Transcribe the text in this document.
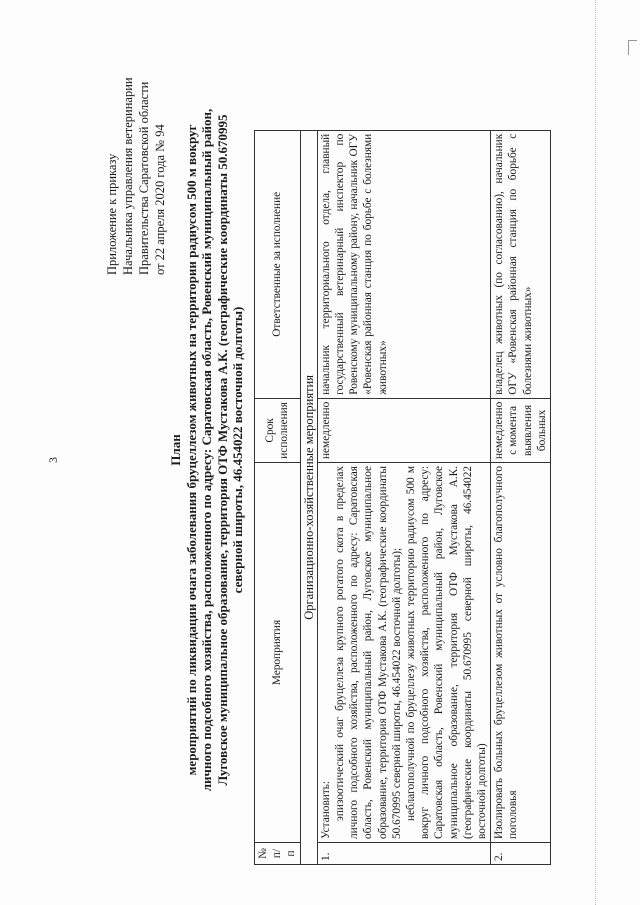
3
Приложение к приказу Начальника управления ветеринарии Правительства Саратовской области от 22 апреля 2020 года № 94
План мероприятий по ликвидации очага заболевания бруцеллезом животных на территории радиусом 500 м вокруг личного подсобного хозяйства, расположенного по адресу: Саратовская область, Ровенский муниципальный район, Луговское муниципальное образование, территория ОТФ Мустакова А.К. (географические координаты 50.670995 северной широты, 46.454022 восточной долготы)
№ п/п	Мероприятия	Срок исполнения	Ответственные за исполнение
Организационно-хозяйственные мероприятия			
1.	Установить: эпизоотический очаг бруцеллеза крупного рогатого скота в пределах личного подсобного хозяйства, расположенного по адресу: Саратовская область, Ровенский муниципальный район, Луговское муниципальное образование, территория ОТФ Мустакова А.К. (географические координаты 50.670995 северной широты, 46.454022 восточной долготы); неблагополучной по бруцеллезу животных территорию радиусом 500 м вокруг личного подсобного хозяйства, расположенного по адресу: Саратовская область, Ровенский муниципальный район, Луговское муниципальное образование, территория ОТФ Мустакова А.К. (географические координаты 50.670995 северной широты, 46.454022 восточной долготы)	немедленно	начальник территориального отдела, главный государственный ветеринарный инспектор по Ровенскому муниципальному району, начальник ОГУ «Ровенская районная станция по борьбе с болезнями животных»
2.	Изолировать больных бруцеллезом животных от условно благополучного поголовья	немедленно с момента выявления больных	владелец животных (по согласованию), начальник ОГУ «Ровенская районная станция по борьбе с болезнями животных»
